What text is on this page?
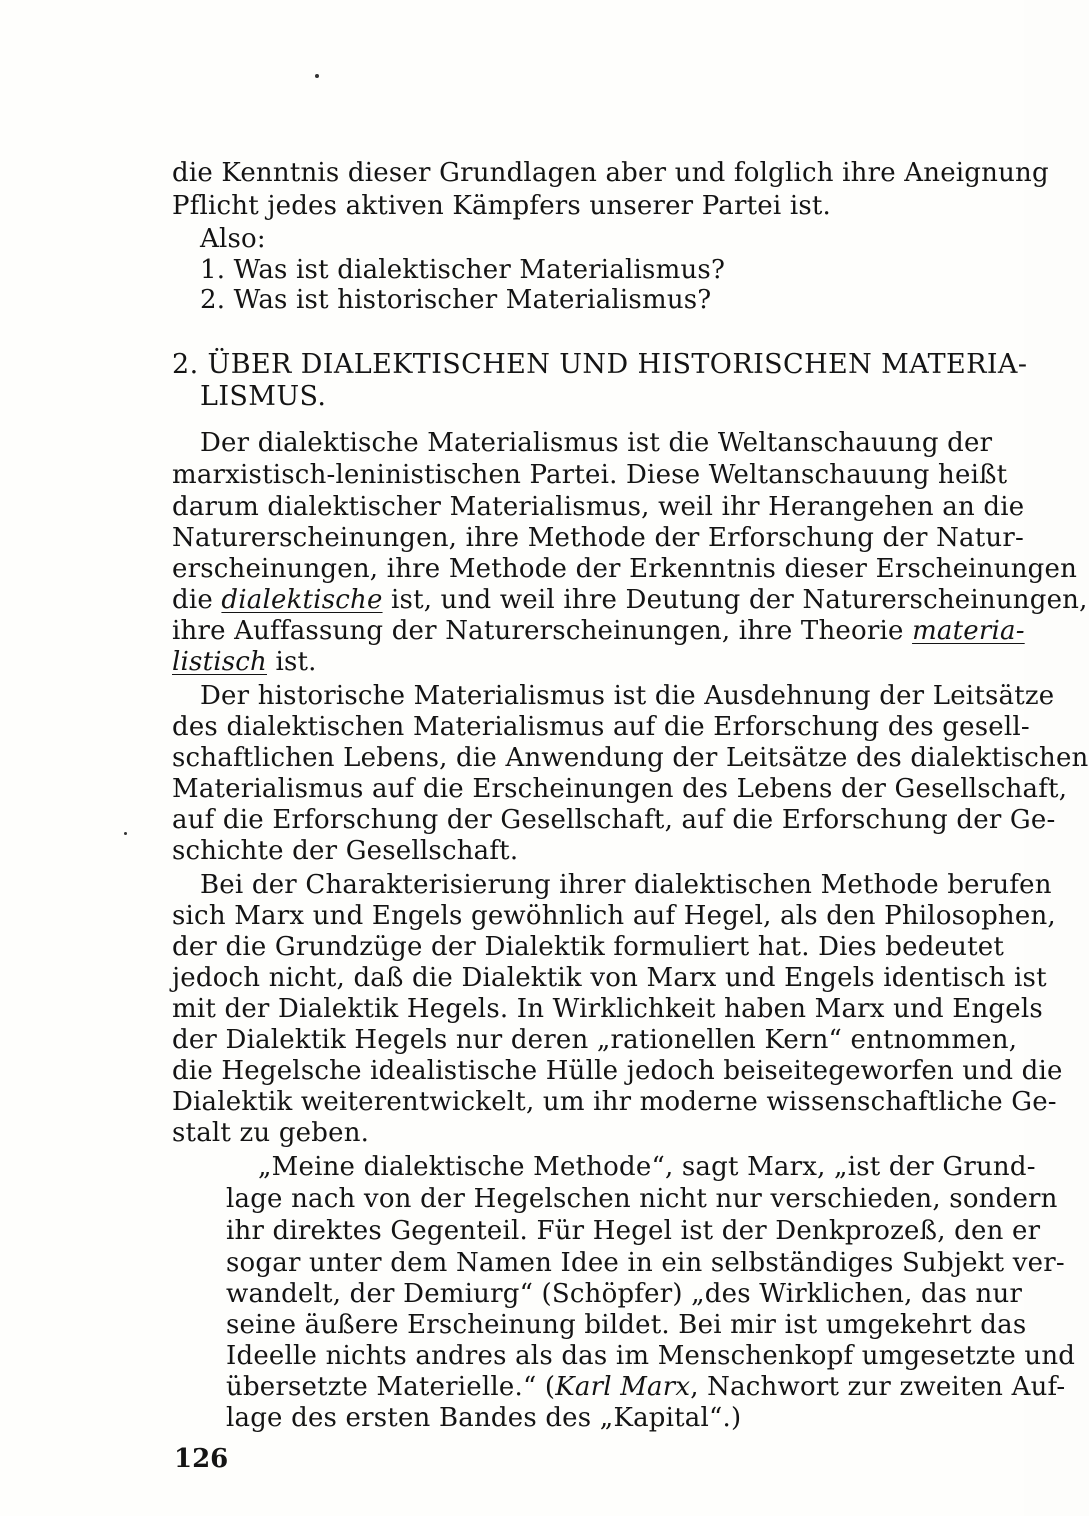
die Kenntnis dieser Grundlagen aber und folglich ihre Aneignung
Pflicht jedes aktiven Kämpfers unserer Partei ist.
Also:
1. Was ist dialektischer Materialismus?
2. Was ist historischer Materialismus?
2. ÜBER DIALEKTISCHEN UND HISTORISCHEN MATERIA-
LISMUS.
Der dialektische Materialismus ist die Weltanschauung der
marxistisch-leninistischen Partei. Diese Weltanschauung heißt
darum dialektischer Materialismus, weil ihr Herangehen an die
Naturerscheinungen, ihre Methode der Erforschung der Natur-
erscheinungen, ihre Methode der Erkenntnis dieser Erscheinungen
die dialektische ist, und weil ihre Deutung der Naturerscheinungen,
ihre Auffassung der Naturerscheinungen, ihre Theorie materia-
listisch ist.
Der historische Materialismus ist die Ausdehnung der Leitsätze
des dialektischen Materialismus auf die Erforschung des gesell-
schaftlichen Lebens, die Anwendung der Leitsätze des dialektischen
Materialismus auf die Erscheinungen des Lebens der Gesellschaft,
auf die Erforschung der Gesellschaft, auf die Erforschung der Ge-
schichte der Gesellschaft.
Bei der Charakterisierung ihrer dialektischen Methode berufen
sich Marx und Engels gewöhnlich auf Hegel, als den Philosophen,
der die Grundzüge der Dialektik formuliert hat. Dies bedeutet
jedoch nicht, daß die Dialektik von Marx und Engels identisch ist
mit der Dialektik Hegels. In Wirklichkeit haben Marx und Engels
der Dialektik Hegels nur deren „rationellen Kern“ entnommen,
die Hegelsche idealistische Hülle jedoch beiseitegeworfen und die
Dialektik weiterentwickelt, um ihr moderne wissenschaftliche Ge-
stalt zu geben.
„Meine dialektische Methode“, sagt Marx, „ist der Grund-
lage nach von der Hegelschen nicht nur verschieden, sondern
ihr direktes Gegenteil. Für Hegel ist der Denkprozeß, den er
sogar unter dem Namen Idee in ein selbständiges Subjekt ver-
wandelt, der Demiurg“ (Schöpfer) „des Wirklichen, das nur
seine äußere Erscheinung bildet. Bei mir ist umgekehrt das
Ideelle nichts andres als das im Menschenkopf umgesetzte und
übersetzte Materielle.“ (Karl Marx, Nachwort zur zweiten Auf-
lage des ersten Bandes des „Kapital“.)
126
